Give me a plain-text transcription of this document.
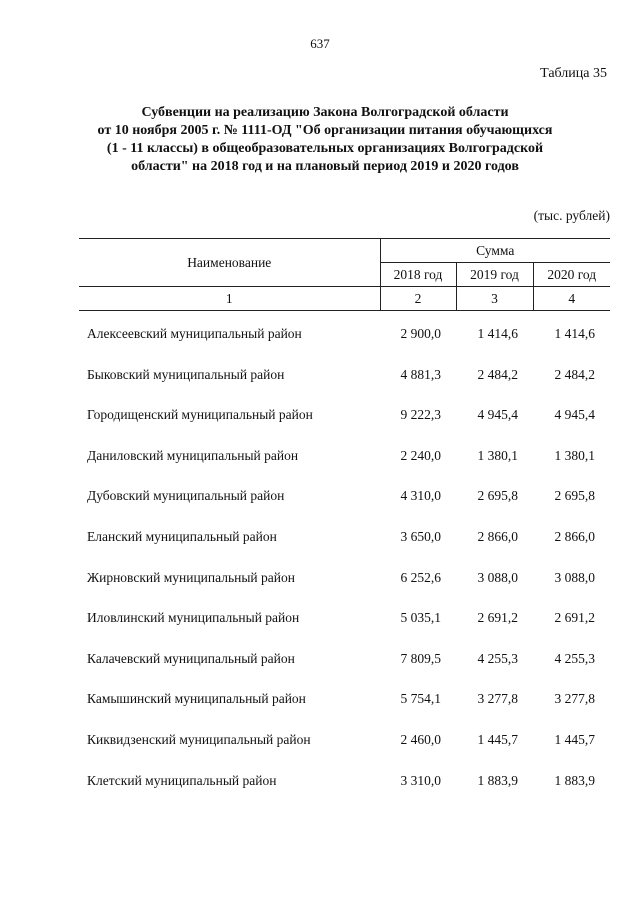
637
Таблица 35
Субвенции на реализацию Закона Волгоградской области
от 10 ноября 2005 г. № 1111-ОД "Об организации питания обучающихся
(1 - 11 классы) в общеобразовательных организациях Волгоградской
области" на 2018 год и на плановый период 2019 и 2020 годов
(тыс. рублей)
Наименование	Сумма		
	2018 год	2019 год	2020 год
1	2	3	4
Алексеевский муниципальный район	2 900,0	1 414,6	1 414,6
Быковский муниципальный район	4 881,3	2 484,2	2 484,2
Городищенский муниципальный район	9 222,3	4 945,4	4 945,4
Даниловский муниципальный район	2 240,0	1 380,1	1 380,1
Дубовский муниципальный район	4 310,0	2 695,8	2 695,8
Еланский муниципальный район	3 650,0	2 866,0	2 866,0
Жирновский муниципальный район	6 252,6	3 088,0	3 088,0
Иловлинский муниципальный район	5 035,1	2 691,2	2 691,2
Калачевский муниципальный район	7 809,5	4 255,3	4 255,3
Камышинский муниципальный район	5 754,1	3 277,8	3 277,8
Киквидзенский муниципальный район	2 460,0	1 445,7	1 445,7
Клетский муниципальный район	3 310,0	1 883,9	1 883,9
